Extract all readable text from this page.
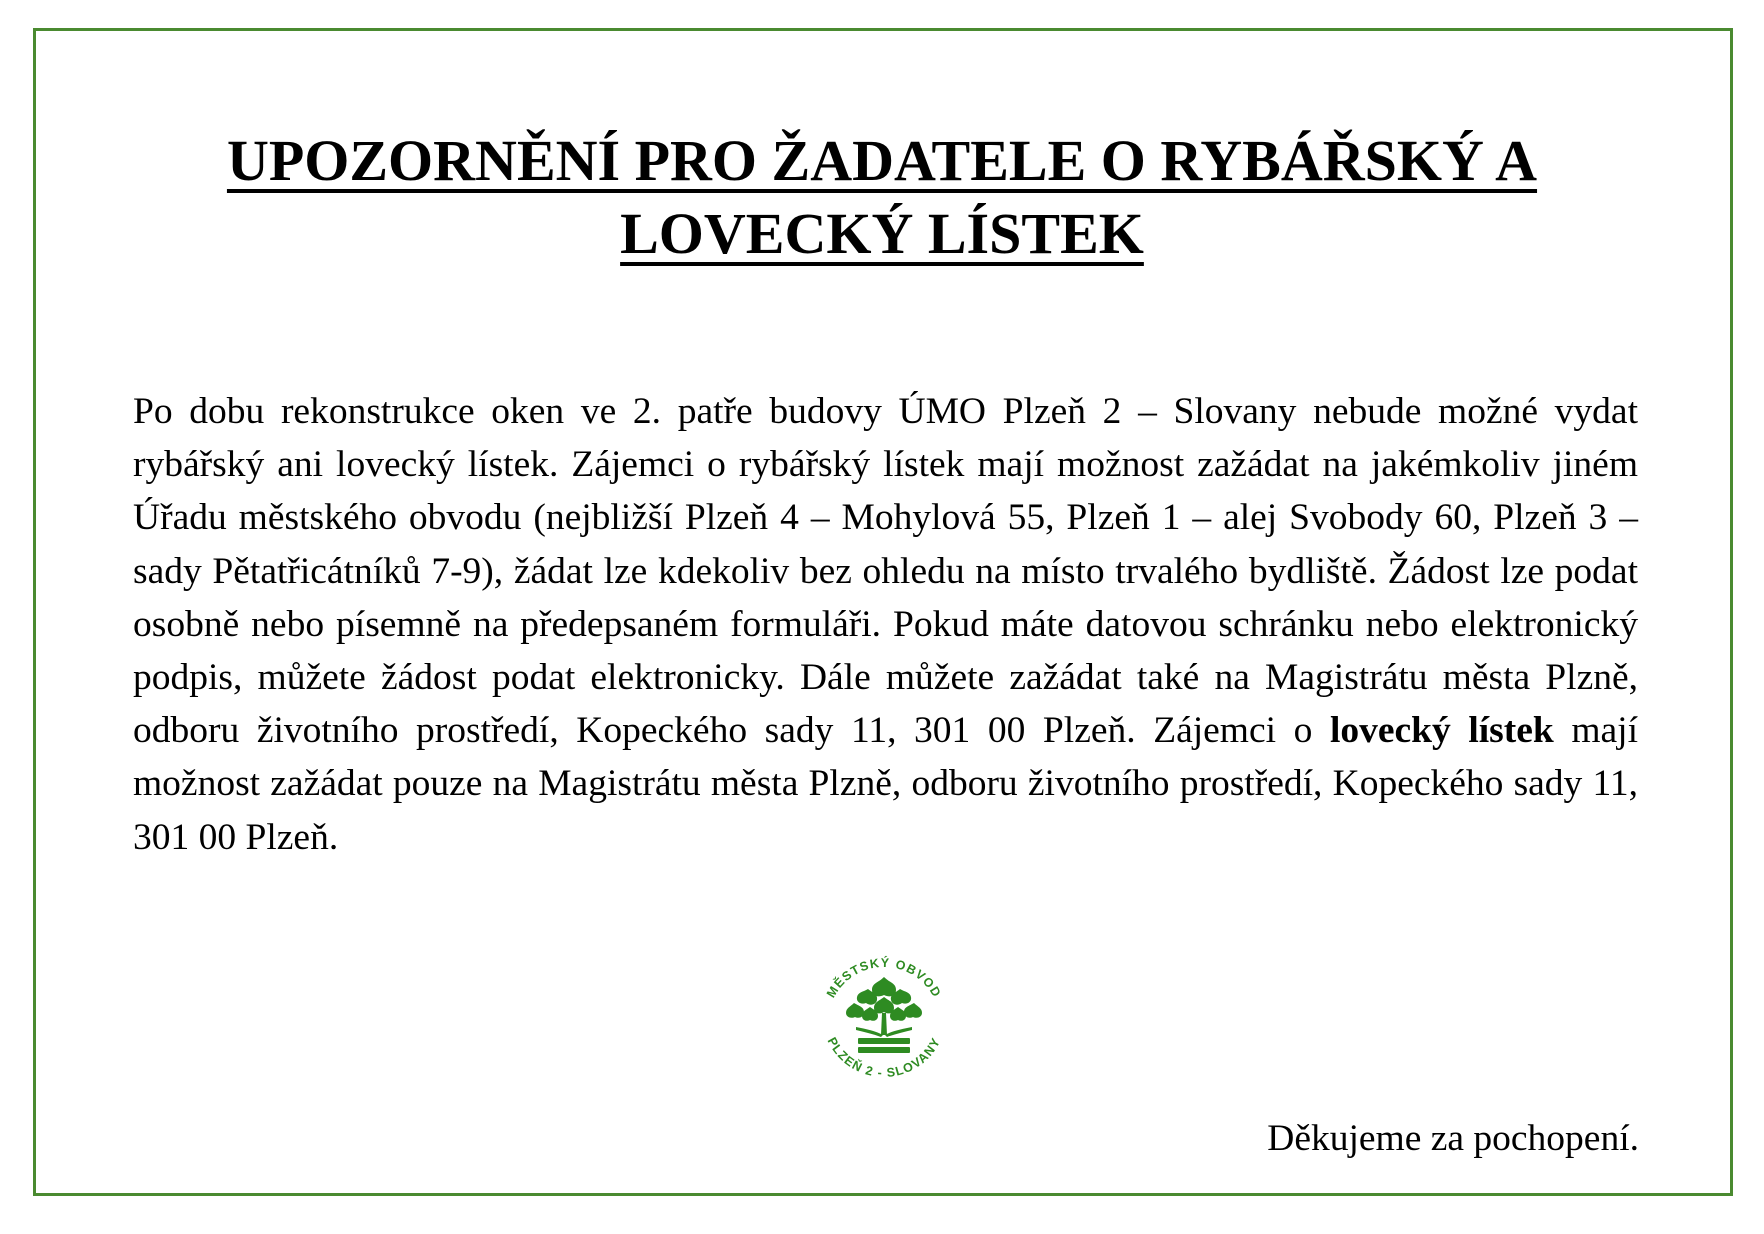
UPOZORNĚNÍ PRO ŽADATELE O RYBÁŘSKÝ A
LOVECKÝ LÍSTEK

Po dobu rekonstrukce oken ve 2. patře budovy ÚMO Plzeň 2 – Slovany nebude možné vydat rybářský ani lovecký lístek. Zájemci o rybářský lístek mají možnost zažádat na jakémkoliv jiném Úřadu městského obvodu (nejbližší Plzeň 4 – Mohylová 55, Plzeň 1 – alej Svobody 60, Plzeň 3 – sady Pětatřicátníků 7-9), žádat lze kdekoliv bez ohledu na místo trvalého bydliště. Žádost lze podat osobně nebo písemně na předepsaném formuláři. Pokud máte datovou schránku nebo elektronický podpis, můžete žádost podat elektronicky. Dále můžete zažádat také na Magistrátu města Plzně, odboru životního prostředí, Kopeckého sady 11, 301 00 Plzeň. Zájemci o lovecký lístek mají možnost zažádat pouze na Magistrátu města Plzně, odboru životního prostředí, Kopeckého sady 11, 301 00 Plzeň.

MĚSTSKÝ OBVOD
PLZEŇ 2 - SLOVANY

Děkujeme za pochopení.
